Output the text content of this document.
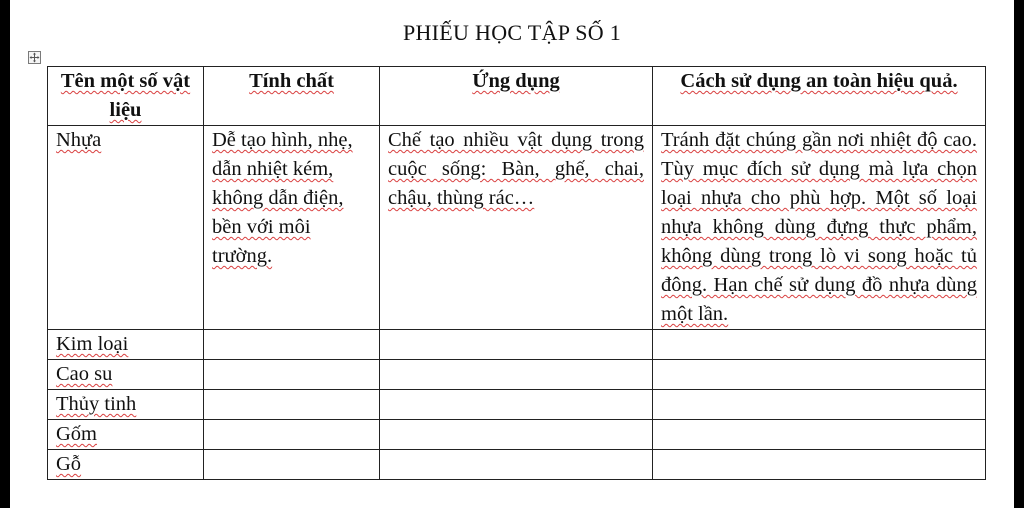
PHIẾU HỌC TẬP SỐ 1
Tên một số vật liệu	Tính chất	Ứng dụng	Cách sử dụng an toàn hiệu quả.
Nhựa	Dễ tạo hình, nhẹ, dẫn nhiệt kém, không dẫn điện, bền với môi trường.	Chế tạo nhiều vật dụng trong cuộc sống: Bàn, ghế, chai, chậu, thùng rác…	Tránh đặt chúng gần nơi nhiệt độ cao. Tùy mục đích sử dụng mà lựa chọn loại nhựa cho phù hợp. Một số loại nhựa không dùng đựng thực phẩm, không dùng trong lò vi song hoặc tủ đông. Hạn chế sử dụng đồ nhựa dùng một lần.
Kim loại			
Cao su			
Thủy tinh			
Gốm			
Gỗ			
